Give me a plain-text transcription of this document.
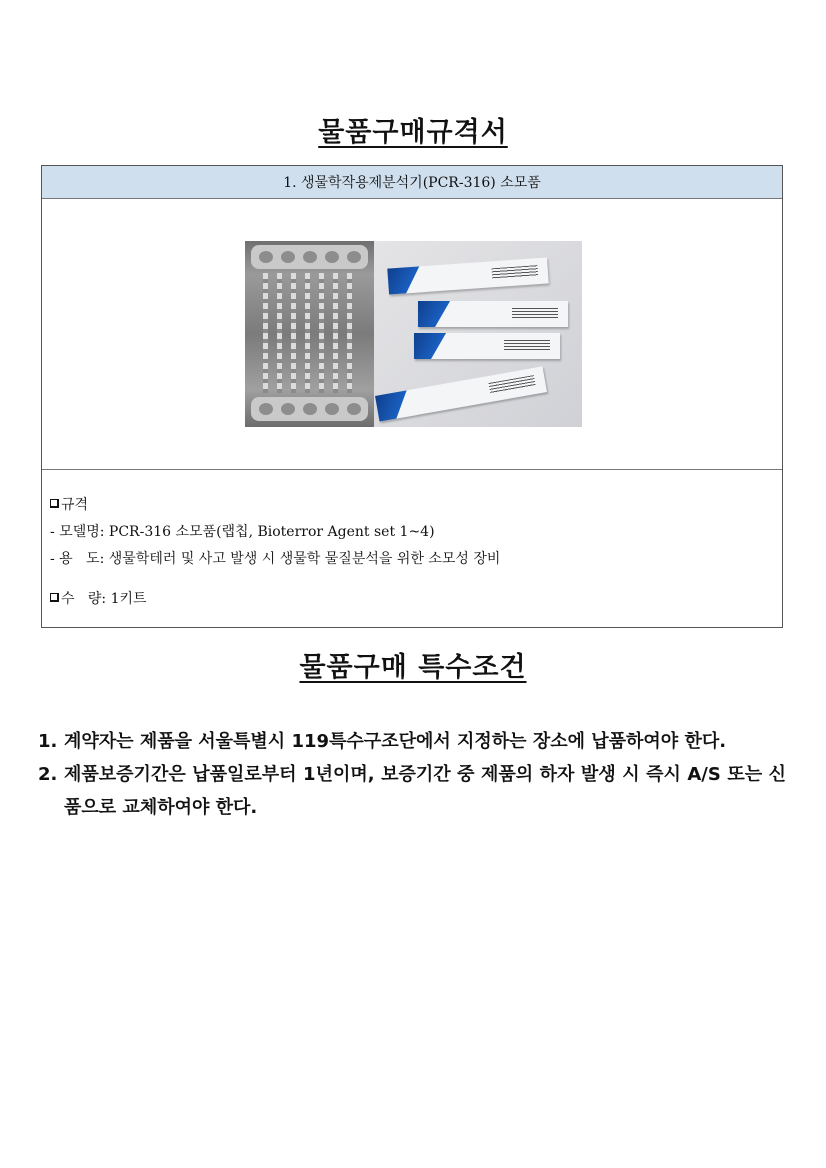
물품구매규격서
1. 생물학작용제분석기(PCR-316) 소모품
규격
- 모델명: PCR-316 소모품(랩칩, Bioterror Agent set 1~4)
- 용   도: 생물학테러 및 사고 발생 시 생물학 물질분석을 위한 소모성 장비
수   량: 1키트
물품구매 특수조건
1. 계약자는 제품을 서울특별시 119특수구조단에서 지정하는 장소에 납품하여야 한다.
2. 제품보증기간은 납품일로부터 1년이며, 보증기간 중 제품의 하자 발생 시 즉시 A/S 또는 신품으로 교체하여야 한다.
